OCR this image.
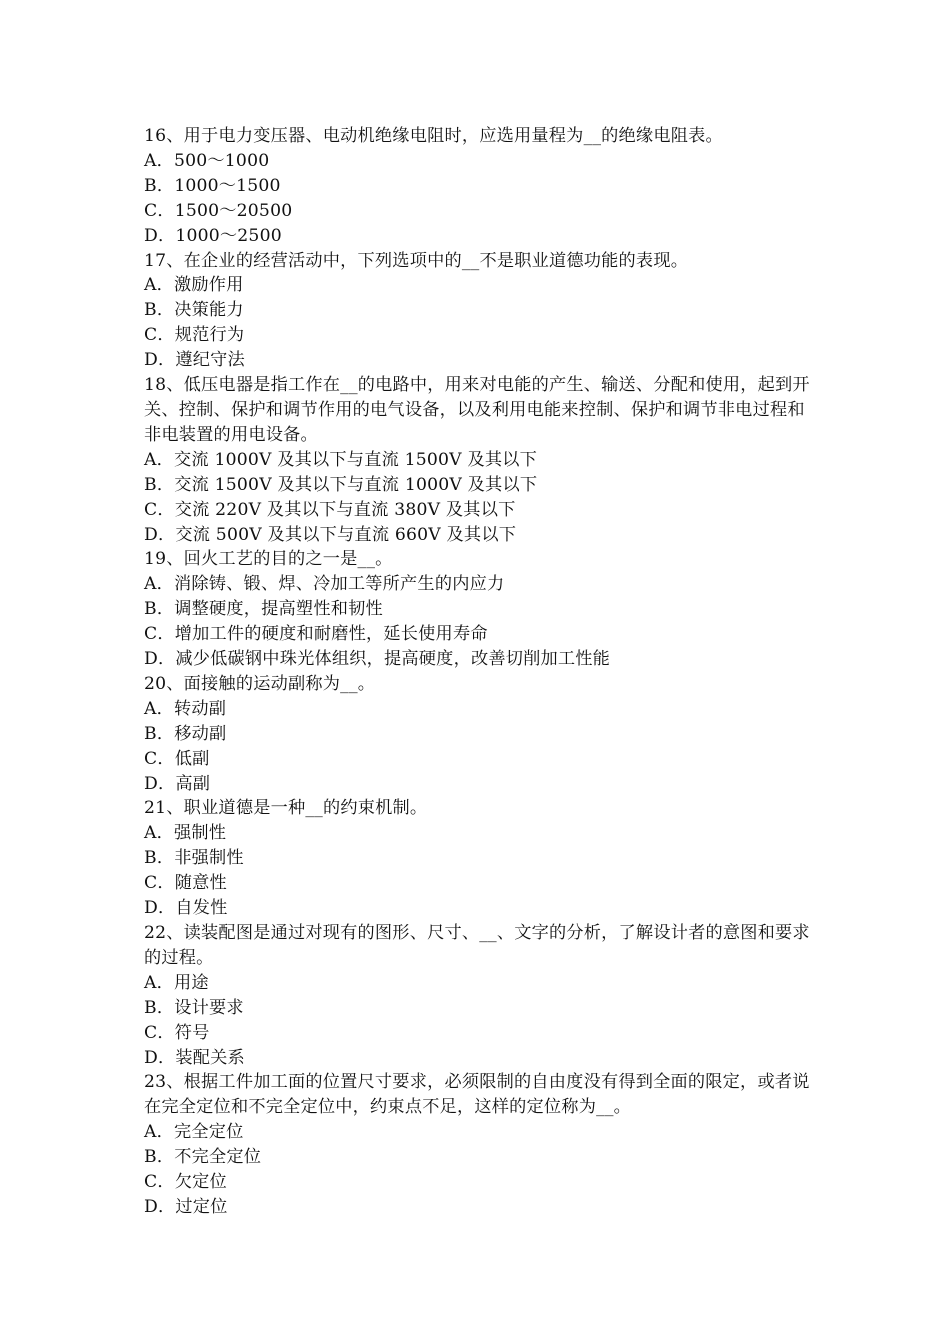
16、用于电力变压器、电动机绝缘电阻时，应选用量程为__的绝缘电阻表。

A．500～1000

B．1000～1500

C．1500～20500

D．1000～2500

17、在企业的经营活动中，下列选项中的__不是职业道德功能的表现。

A．激励作用

B．决策能力

C．规范行为

D．遵纪守法

18、低压电器是指工作在__的电路中，用来对电能的产生、输送、分配和使用，起到开关、控制、保护和调节作用的电气设备，以及利用电能来控制、保护和调节非电过程和非电装置的用电设备。

A．交流 1000V 及其以下与直流 1500V 及其以下

B．交流 1500V 及其以下与直流 1000V 及其以下

C．交流 220V 及其以下与直流 380V 及其以下

D．交流 500V 及其以下与直流 660V 及其以下

19、回火工艺的目的之一是__。

A．消除铸、锻、焊、冷加工等所产生的内应力

B．调整硬度，提高塑性和韧性

C．增加工件的硬度和耐磨性，延长使用寿命

D．减少低碳钢中珠光体组织，提高硬度，改善切削加工性能

20、面接触的运动副称为__。

A．转动副

B．移动副

C．低副

D．高副

21、职业道德是一种__的约束机制。

A．强制性

B．非强制性

C．随意性

D．自发性

22、读装配图是通过对现有的图形、尺寸、__、文字的分析，了解设计者的意图和要求的过程。

A．用途

B．设计要求

C．符号

D．装配关系

23、根据工件加工面的位置尺寸要求，必须限制的自由度没有得到全面的限定，或者说在完全定位和不完全定位中，约束点不足，这样的定位称为__。

A．完全定位

B．不完全定位

C．欠定位

D．过定位
